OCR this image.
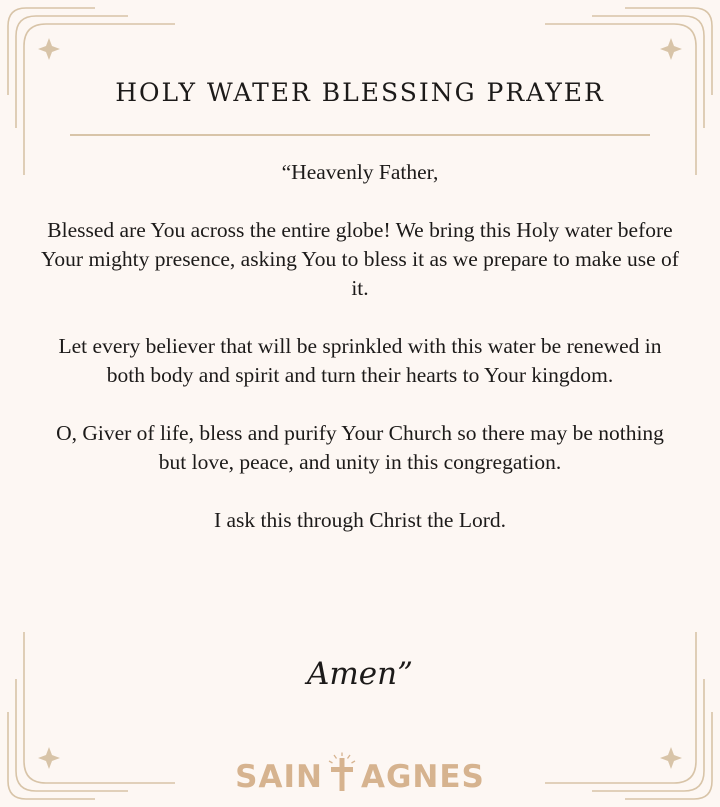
HOLY WATER BLESSING PRAYER

“Heavenly Father,

Blessed are You across the entire globe! We bring this Holy water before Your mighty presence, asking You to bless it as we prepare to make use of it.

Let every believer that will be sprinkled with this water be renewed in both body and spirit and turn their hearts to Your kingdom.

O, Giver of life, bless and purify Your Church so there may be nothing but love, peace, and unity in this congregation.

I ask this through Christ the Lord.

Amen”
SAIN AGNES
